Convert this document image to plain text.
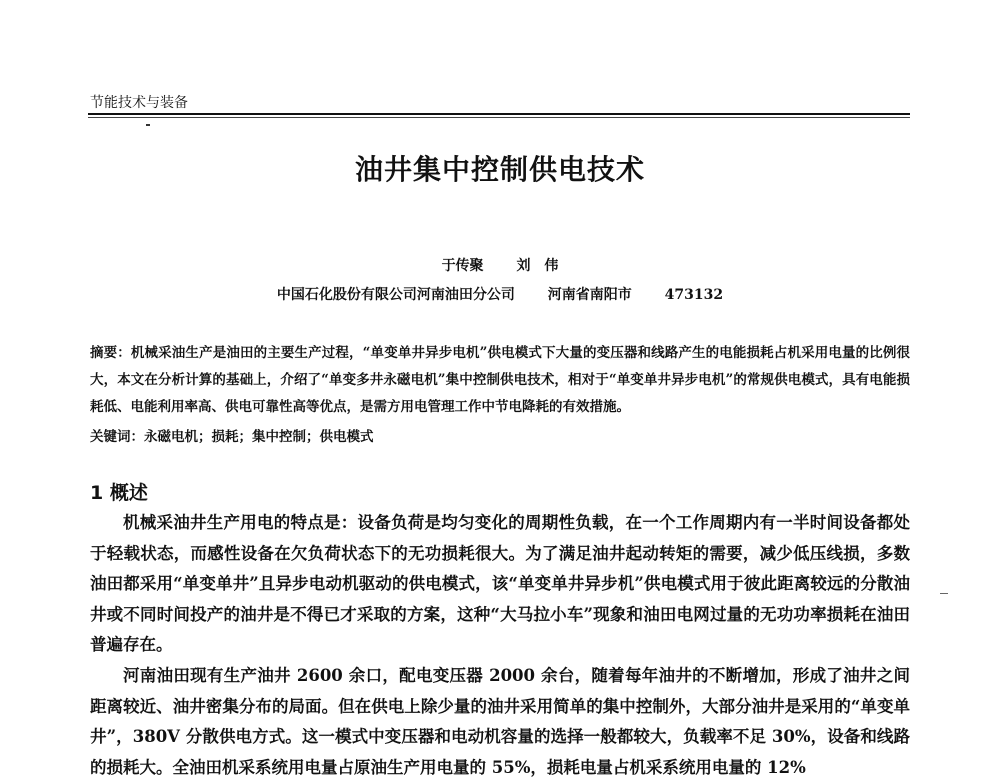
节能技术与装备
油井集中控制供电技术
于传聚 刘　伟
中国石化股份有限公司河南油田分公司 河南省南阳市 473132
摘要：机械采油生产是油田的主要生产过程，“单变单井异步电机”供电模式下大量的变压器和线路产生的电能损耗占机采用电量的比例很大，本文在分析计算的基础上，介绍了“单变多井永磁电机”集中控制供电技术，相对于“单变单井异步电机”的常规供电模式，具有电能损耗低、电能利用率高、供电可靠性高等优点，是需方用电管理工作中节电降耗的有效措施。
关键词：永磁电机；损耗；集中控制；供电模式
1 概述

机械采油井生产用电的特点是：设备负荷是均匀变化的周期性负载，在一个工作周期内有一半时间设备都处于轻载状态，而感性设备在欠负荷状态下的无功损耗很大。为了满足油井起动转矩的需要，减少低压线损，多数油田都采用“单变单井”且异步电动机驱动的供电模式，该“单变单井异步机”供电模式用于彼此距离较远的分散油井或不同时间投产的油井是不得已才采取的方案，这种“大马拉小车”现象和油田电网过量的无功功率损耗在油田普遍存在。

河南油田现有生产油井 2600 余口，配电变压器 2000 余台，随着每年油井的不断增加，形成了油井之间距离较近、油井密集分布的局面。但在供电上除少量的油井采用简单的集中控制外，大部分油井是采用的“单变单井”，380V 分散供电方式。这一模式中变压器和电动机容量的选择一般都较大，负载率不足 30%，设备和线路的损耗大。全油田机采系统用电量占原油生产用电量的 55%，损耗电量占机采系统用电量的 12%
